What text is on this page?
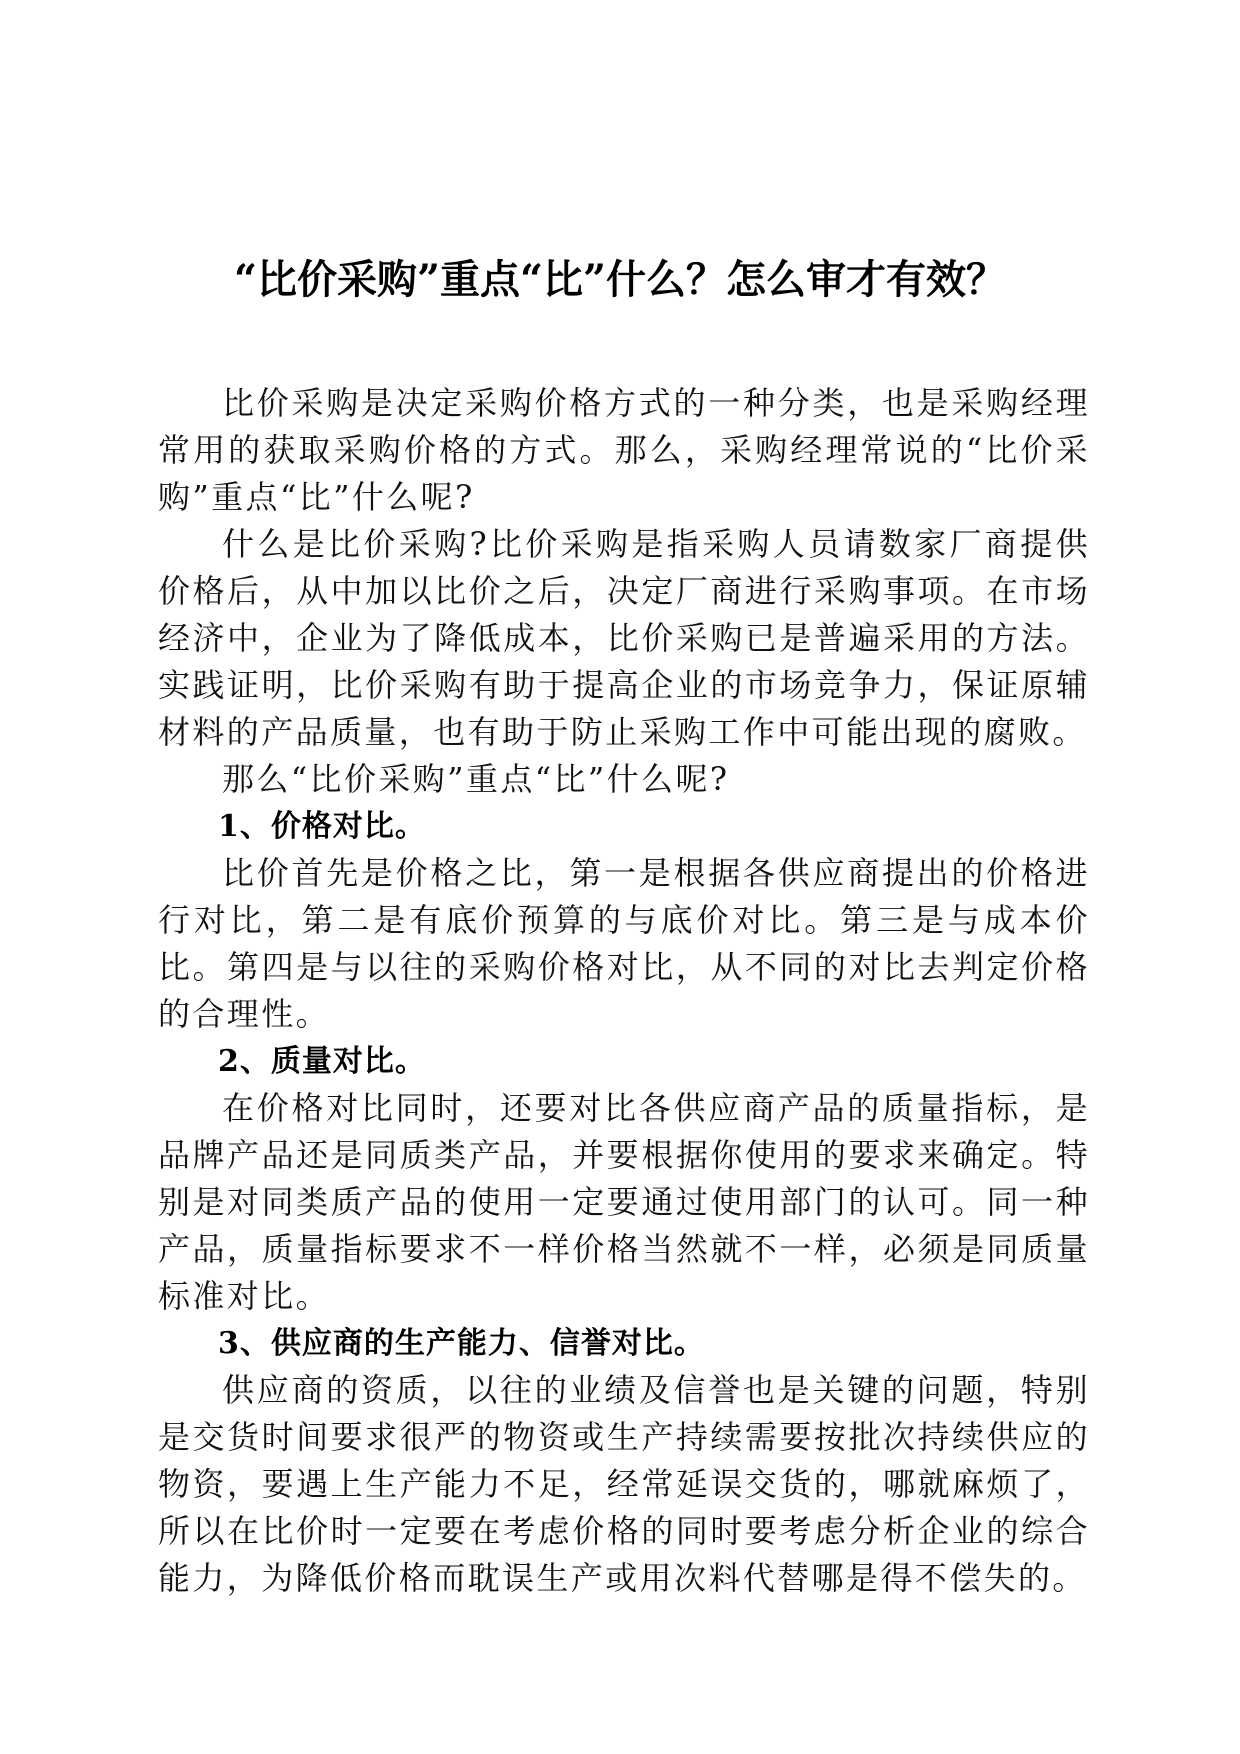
“比价采购”重点“比”什么？怎么审才有效？

比价采购是决定采购价格方式的一种分类，也是采购经理常用的获取采购价格的方式。那么，采购经理常说的“比价采购”重点“比”什么呢?

什么是比价采购?比价采购是指采购人员请数家厂商提供价格后，从中加以比价之后，决定厂商进行采购事项。在市场经济中，企业为了降低成本，比价采购已是普遍采用的方法。实践证明，比价采购有助于提高企业的市场竞争力，保证原辅材料的产品质量，也有助于防止采购工作中可能出现的腐败。

那么“比价采购”重点“比”什么呢?

1、价格对比。

比价首先是价格之比，第一是根据各供应商提出的价格进行对比，第二是有底价预算的与底价对比。第三是与成本价比。第四是与以往的采购价格对比，从不同的对比去判定价格的合理性。

2、质量对比。

在价格对比同时，还要对比各供应商产品的质量指标，是品牌产品还是同质类产品，并要根据你使用的要求来确定。特别是对同类质产品的使用一定要通过使用部门的认可。同一种产品，质量指标要求不一样价格当然就不一样，必须是同质量标准对比。

3、供应商的生产能力、信誉对比。

供应商的资质，以往的业绩及信誉也是关键的问题，特别是交货时间要求很严的物资或生产持续需要按批次持续供应的物资，要遇上生产能力不足，经常延误交货的，哪就麻烦了，所以在比价时一定要在考虑价格的同时要考虑分析企业的综合能力，为降低价格而耽误生产或用次料代替哪是得不偿失的。
